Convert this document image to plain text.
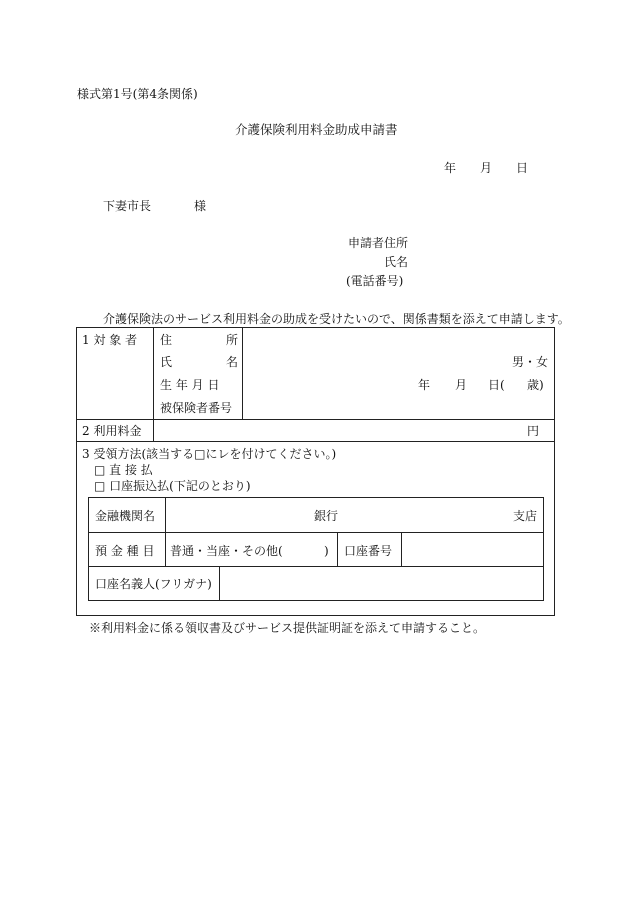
様式第1号(第4条関係)
介護保険利用料金助成申請書
年 月 日
下妻市長	様
申請者住所
氏名
(電話番号)
介護保険法のサービス利用料金の助成を受けたいので、関係書類を添えて申請します。
1 対 象 者 住	所
氏	名	男・女
生 年 月 日	年 月 日( 歳)
被保険者番号
2 利用料金	円
3 受領方法(該当する□にレを付けてください。)
□ 直 接 払
□ 口座振込払(下記のとおり)
金融機関名	銀行	支店
預 金 種 目 普通・当座・その他(	) 口座番号
口座名義人(フリガナ)
※利用料金に係る領収書及びサービス提供証明証を添えて申請すること。
